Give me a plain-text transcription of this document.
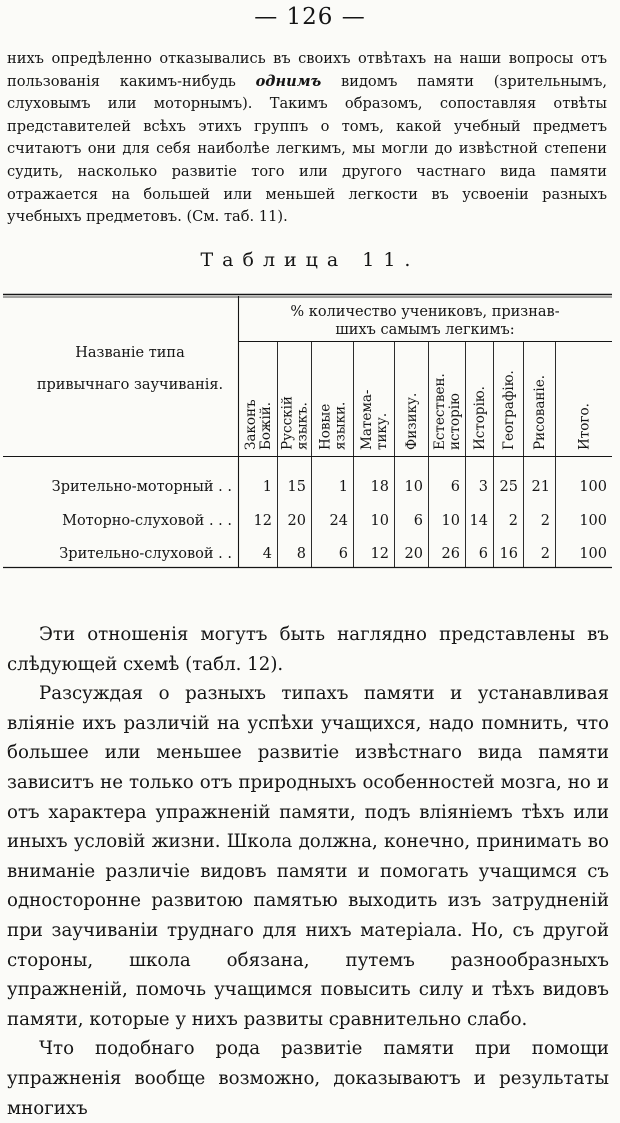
— 126 —

нихъ опредѣленно отказывались въ своихъ отвѣтахъ на наши вопросы отъ пользованія какимъ-нибудь однимъ видомъ памяти (зрительнымъ, слуховымъ или моторнымъ). Такимъ образомъ, сопоставляя отвѣты представителей всѣхъ этихъ группъ о томъ, какой учебный предметъ считаютъ они для себя наиболѣе легкимъ, мы могли до извѣстной степени судить, насколько развитіе того или другого частнаго вида памяти отражается на большей или меньшей легкости въ усвоеніи разныхъ учебныхъ предметовъ. (См. таб. 11).

Таблица 11.
Названіе типа
привычнаго заучиванія.
% количество учениковъ, признав-
шихъ самымъ легкимъ:
Законъ Божій. Русскій языкъ. Новые языки. Матема- тику. Физику. Естествен. исторію Исторію. Географію. Рисованіе. Итого.
Зрительно-моторный . . 1 15 1 18 10 6 3 25 21 100
Моторно-слуховой . . . 12 20 24 10 6 10 14 2 2 100
Зрительно-слуховой . . 4 8 6 12 20 26 6 16 2 100

Эти отношенія могутъ быть наглядно представлены въ слѣдующей схемѣ (табл. 12).

Разсуждая о разныхъ типахъ памяти и устанавливая вліяніе ихъ различій на успѣхи учащихся, надо помнить, что большее или меньшее развитіе извѣстнаго вида памяти зависитъ не только отъ природныхъ особенностей мозга, но и отъ характера упражненій памяти, подъ вліяніемъ тѣхъ или иныхъ условій жизни. Школа должна, конечно, принимать во вниманіе различіе видовъ памяти и помогать учащимся съ односторонне развитою памятью выходить изъ затрудненій при заучиваніи труднаго для нихъ матеріала. Но, съ другой стороны, школа обязана, путемъ разнообразныхъ упражненій, помочь учащимся повысить силу и тѣхъ видовъ памяти, которые у нихъ развиты сравнительно слабо.

Что подобнаго рода развитіе памяти при помощи упражненія вообще возможно, доказываютъ и результаты многихъ
